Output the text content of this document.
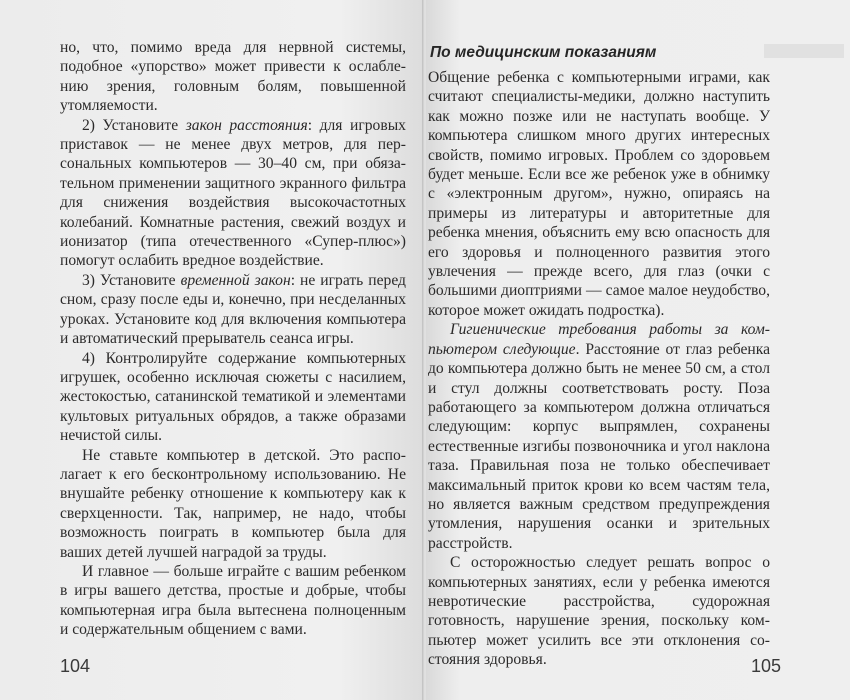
но, что, помимо вреда для нервной системы, подобное «упорство» может привести к ослаблению зрения, головным болям, повышенной утомляемости.

2) Установите закон расстояния: для игровых приставок — не менее двух метров, для персональных компьютеров — 30–40 см, при обязательном применении защитного экранного фильтра для снижения воздействия высокочастотных колебаний. Комнатные растения, свежий воздух и ионизатор (типа отечественного «Супер-плюс») помогут ослабить вредное воздействие.

3) Установите временной закон: не играть перед сном, сразу после еды и, конечно, при несделанных уроках. Установите код для включения компьютера и автоматический прерыватель сеанса игры.

4) Контролируйте содержание компьютерных игрушек, особенно исключая сюжеты с насилием, жестокостью, сатанинской тематикой и элементами культовых ритуальных обрядов, а также образами нечистой силы.

Не ставьте компьютер в детской. Это располагает к его бесконтрольному использованию. Не внушайте ребенку отношение к компьютеру как к сверхценности. Так, например, не надо, чтобы возможность поиграть в компьютер была для ваших детей лучшей наградой за труды.

И главное — больше играйте с вашим ребенком в игры вашего детства, простые и добрые, чтобы компьютерная игра была вытеснена полноценным и содержательным общением с вами.

104
По медицинским показаниям

Общение ребенка с компьютерными играми, как считают специалисты-медики, должно наступить как можно позже или не наступать вообще. У компьютера слишком много других интересных свойств, помимо игровых. Проблем со здоровьем будет меньше. Если все же ребенок уже в обнимку с «электронным другом», нужно, опираясь на примеры из литературы и авторитетные для ребенка мнения, объяснить ему всю опасность для его здоровья и полноценного развития этого увлечения — прежде всего, для глаз (очки с большими диоптриями — самое малое неудобство, которое может ожидать подростка).

Гигиенические требования работы за компьютером следующие. Расстояние от глаз ребенка до компьютера должно быть не менее 50 см, а стол и стул должны соответствовать росту. Поза работающего за компьютером должна отличаться следующим: корпус выпрямлен, сохранены естественные изгибы позвоночника и угол наклона таза. Правильная поза не только обеспечивает максимальный приток крови ко всем частям тела, но является важным средством предупреждения утомления, нарушения осанки и зрительных расстройств.

С осторожностью следует решать вопрос о компьютерных занятиях, если у ребенка имеются невротические расстройства, судорожная готовность, нарушение зрения, поскольку компьютер может усилить все эти отклонения состояния здоровья.	105
